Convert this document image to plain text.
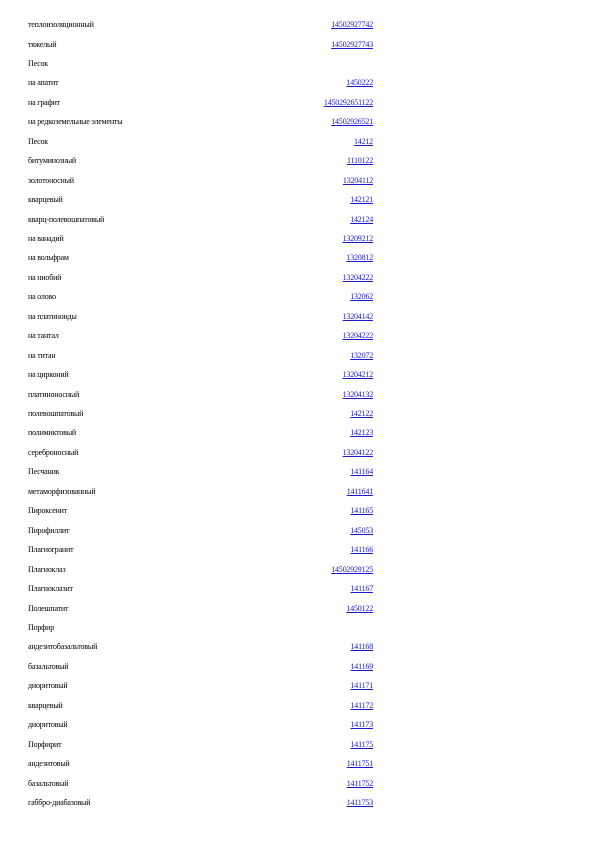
теплоизоляционный	14502927742
тяжелый	14502927743
Песок
на апатит	1450222
на графит	1450292651122
на редкоземельные элементы	14502926521
Песок	14212
битуминозный	1110122
золотоносный	13204112
кварцевый	142121
кварц-полевошпатовый	142124
на ванадий	13209212
на вольфрам	1320812
на ниобий	13204222
на олово	132062
на платиноиды	13204142
на тантал	13204222
на титан	132072
на цирконий	13204212
платиноносный	13204132
полевошпатовый	142122
полимиктовый	142123
сереброносный	13204122
Песчаник	141164
метаморфизованный	1411641
Пироксенит	141165
Пирофиллит	145053
Плагиогранит	141166
Плагиоклаз	14502929125
Плагиоклазит	141167
Полешпатит	1450122
Порфир
андезитобазальтовый	141168
базальтовый	141169
диоритовый	141171
кварцевый	141172
диоритовый	141173
Порфирит	141175
андезитовый	1411751
базальтовый	1411752
габбро-диабазовый	1411753
